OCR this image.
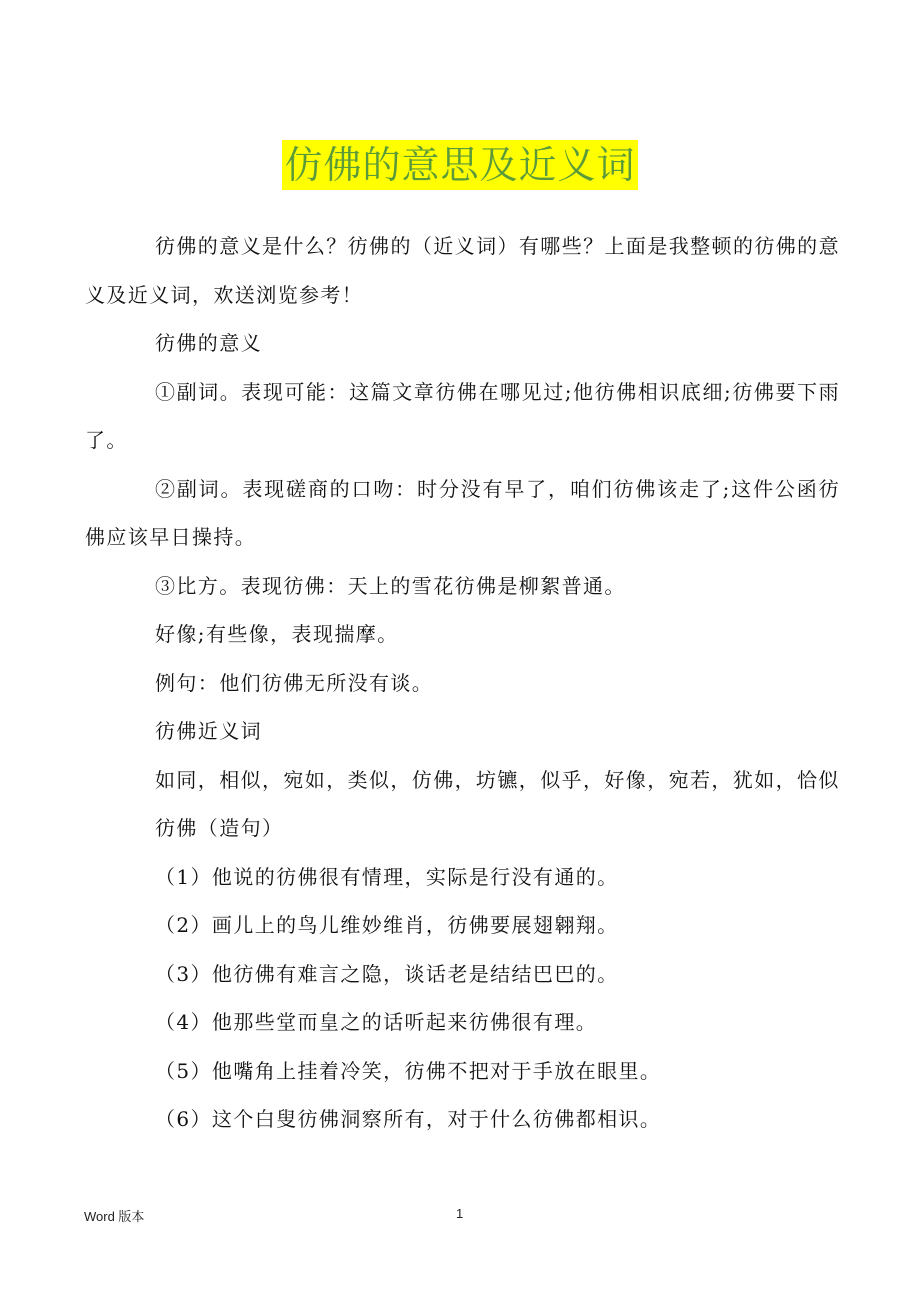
仿佛的意思及近义词

彷佛的意义是什么？彷佛的（近义词）有哪些？上面是我整顿的彷佛的意义及近义词，欢送浏览参考！

彷佛的意义

①副词。表现可能：这篇文章彷佛在哪见过;他彷佛相识底细;彷佛要下雨了。

②副词。表现磋商的口吻：时分没有早了，咱们彷佛该走了;这件公函彷佛应该早日操持。

③比方。表现彷佛：天上的雪花彷佛是柳絮普通。

好像;有些像，表现揣摩。

例句：他们彷佛无所没有谈。

彷佛近义词

如同，相似，宛如，类似，仿佛，坊镳，似乎，好像，宛若，犹如，恰似

彷佛（造句）

（1）他说的彷佛很有情理，实际是行没有通的。

（2）画儿上的鸟儿维妙维肖，彷佛要展翅翱翔。

（3）他彷佛有难言之隐，谈话老是结结巴巴的。

（4）他那些堂而皇之的话听起来彷佛很有理。

（5）他嘴角上挂着冷笑，彷佛不把对于手放在眼里。

（6）这个白叟彷佛洞察所有，对于什么彷佛都相识。

Word 版本	1
